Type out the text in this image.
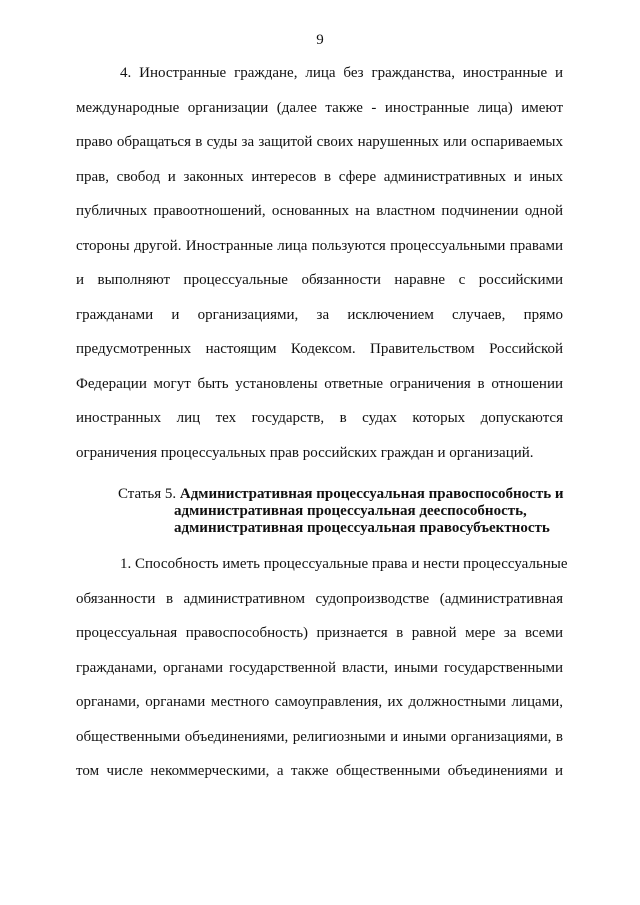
9
4. Иностранные граждане, лица без гражданства, иностранные и
международные организации (далее также - иностранные лица) имеют
право обращаться в суды за защитой своих нарушенных или оспариваемых
прав, свобод и законных интересов в сфере административных и иных
публичных правоотношений, основанных на властном подчинении одной
стороны другой. Иностранные лица пользуются процессуальными правами
и выполняют процессуальные обязанности наравне с российскими
гражданами и организациями, за исключением случаев, прямо
предусмотренных настоящим Кодексом. Правительством Российской
Федерации могут быть установлены ответные ограничения в отношении
иностранных лиц тех государств, в судах которых допускаются
ограничения процессуальных прав российских граждан и организаций.
Статья 5. Административная процессуальная правоспособность и
административная процессуальная дееспособность,
административная процессуальная правосубъектность
1. Способность иметь процессуальные права и нести процессуальные
обязанности в административном судопроизводстве (административная
процессуальная правоспособность) признается в равной мере за всеми
гражданами, органами государственной власти, иными государственными
органами, органами местного самоуправления, их должностными лицами,
общественными объединениями, религиозными и иными организациями, в
том числе некоммерческими, а также общественными объединениями и
